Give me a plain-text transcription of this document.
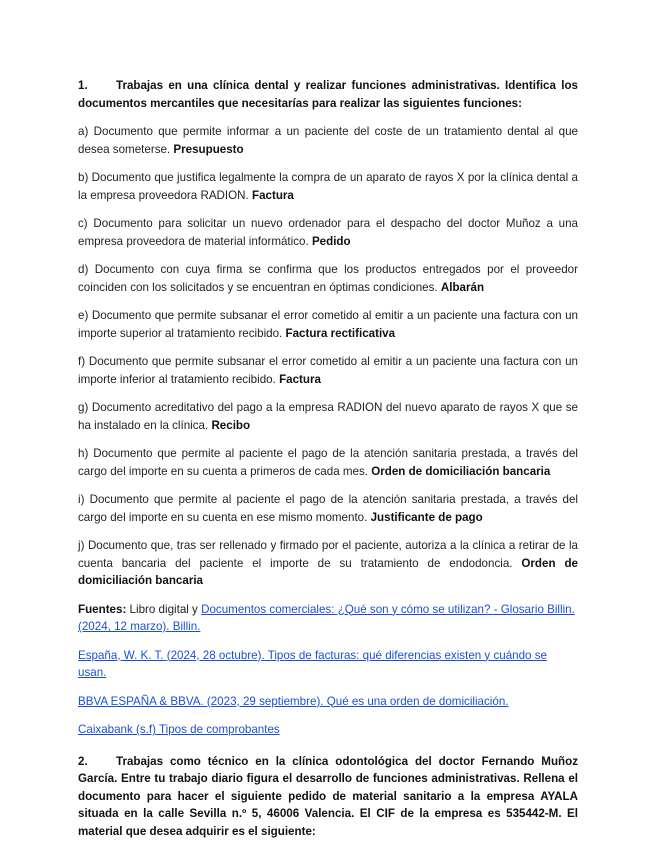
1. Trabajas en una clínica dental y realizar funciones administrativas. Identifica los documentos mercantiles que necesitarías para realizar las siguientes funciones:

a) Documento que permite informar a un paciente del coste de un tratamiento dental al que desea someterse. Presupuesto

b) Documento que justifica legalmente la compra de un aparato de rayos X por la clínica dental a la empresa proveedora RADION. Factura

c) Documento para solicitar un nuevo ordenador para el despacho del doctor Muñoz a una empresa proveedora de material informático. Pedido

d) Documento con cuya firma se confirma que los productos entregados por el proveedor coinciden con los solicitados y se encuentran en óptimas condiciones. Albarán

e) Documento que permite subsanar el error cometido al emitir a un paciente una factura con un importe superior al tratamiento recibido. Factura rectificativa

f) Documento que permite subsanar el error cometido al emitir a un paciente una factura con un importe inferior al tratamiento recibido. Factura

g) Documento acreditativo del pago a la empresa RADION del nuevo aparato de rayos X que se ha instalado en la clínica. Recibo

h) Documento que permite al paciente el pago de la atención sanitaria prestada, a través del cargo del importe en su cuenta a primeros de cada mes. Orden de domiciliación bancaria

i) Documento que permite al paciente el pago de la atención sanitaria prestada, a través del cargo del importe en su cuenta en ese mismo momento. Justificante de pago

j) Documento que, tras ser rellenado y firmado por el paciente, autoriza a la clínica a retirar de la cuenta bancaria del paciente el importe de su tratamiento de endodoncia. Orden de domiciliación bancaria

Fuentes: Libro digital y Documentos comerciales: ¿Qué son y cómo se utilizan? - Glosario Billin. (2024, 12 marzo). Billin.

España, W. K. T. (2024, 28 octubre). Tipos de facturas: qué diferencias existen y cuándo se usan.

BBVA ESPAÑA & BBVA. (2023, 29 septiembre). Qué es una orden de domiciliación.

Caixabank (s.f) Tipos de comprobantes

2. Trabajas como técnico en la clínica odontológica del doctor Fernando Muñoz García. Entre tu trabajo diario figura el desarrollo de funciones administrativas. Rellena el documento para hacer el siguiente pedido de material sanitario a la empresa AYALA situada en la calle Sevilla n.º 5, 46006 Valencia. El CIF de la empresa es 535442-M. El material que desea adquirir es el siguiente:
